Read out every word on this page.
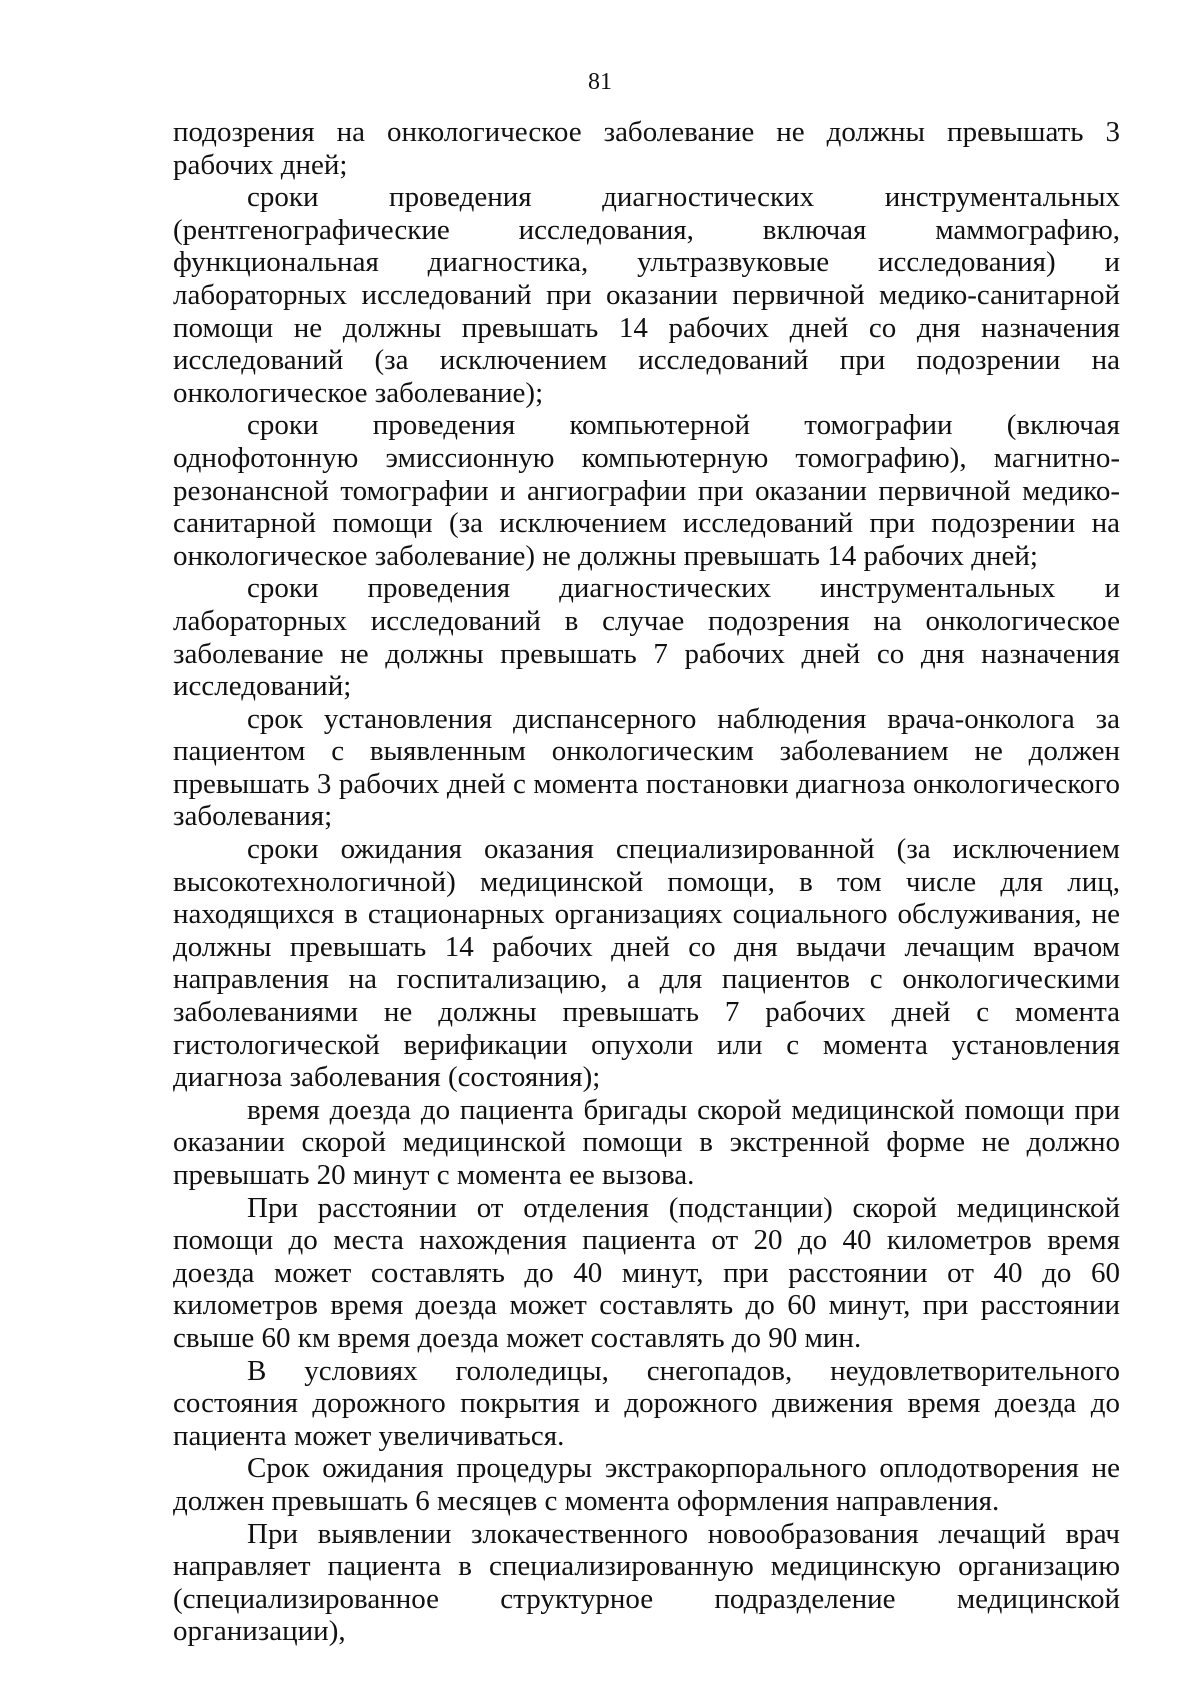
81

подозрения на онкологическое заболевание не должны превышать 3 рабочих дней;

сроки проведения диагностических инструментальных (рентгенографические исследования, включая маммографию, функциональная диагностика, ультразвуковые исследования) и лабораторных исследований при оказании первичной медико-санитарной помощи не должны превышать 14 рабочих дней со дня назначения исследований (за исключением исследований при подозрении на онкологическое заболевание);

сроки проведения компьютерной томографии (включая однофотонную эмиссионную компьютерную томографию), магнитно-резонансной томографии и ангиографии при оказании первичной медико-санитарной помощи (за исключением исследований при подозрении на онкологическое заболевание) не должны превышать 14 рабочих дней;

сроки проведения диагностических инструментальных и лабораторных исследований в случае подозрения на онкологическое заболевание не должны превышать 7 рабочих дней со дня назначения исследований;

срок установления диспансерного наблюдения врача-онколога за пациентом с выявленным онкологическим заболеванием не должен превышать 3 рабочих дней с момента постановки диагноза онкологического заболевания;

сроки ожидания оказания специализированной (за исключением высокотехнологичной) медицинской помощи, в том числе для лиц, находящихся в стационарных организациях социального обслуживания, не должны превышать 14 рабочих дней со дня выдачи лечащим врачом направления на госпитализацию, а для пациентов с онкологическими заболеваниями не должны превышать 7 рабочих дней с момента гистологической верификации опухоли или с момента установления диагноза заболевания (состояния);

время доезда до пациента бригады скорой медицинской помощи при оказании скорой медицинской помощи в экстренной форме не должно превышать 20 минут с момента ее вызова.

При расстоянии от отделения (подстанции) скорой медицинской помощи до места нахождения пациента от 20 до 40 километров время доезда может составлять до 40 минут, при расстоянии от 40 до 60 километров время доезда может составлять до 60 минут, при расстоянии свыше 60 км время доезда может составлять до 90 мин.

В условиях гололедицы, снегопадов, неудовлетворительного состояния дорожного покрытия и дорожного движения время доезда до пациента может увеличиваться.

Срок ожидания процедуры экстракорпорального оплодотворения не должен превышать 6 месяцев с момента оформления направления.

При выявлении злокачественного новообразования лечащий врач направляет пациента в специализированную медицинскую организацию (специализированное структурное подразделение медицинской организации),
